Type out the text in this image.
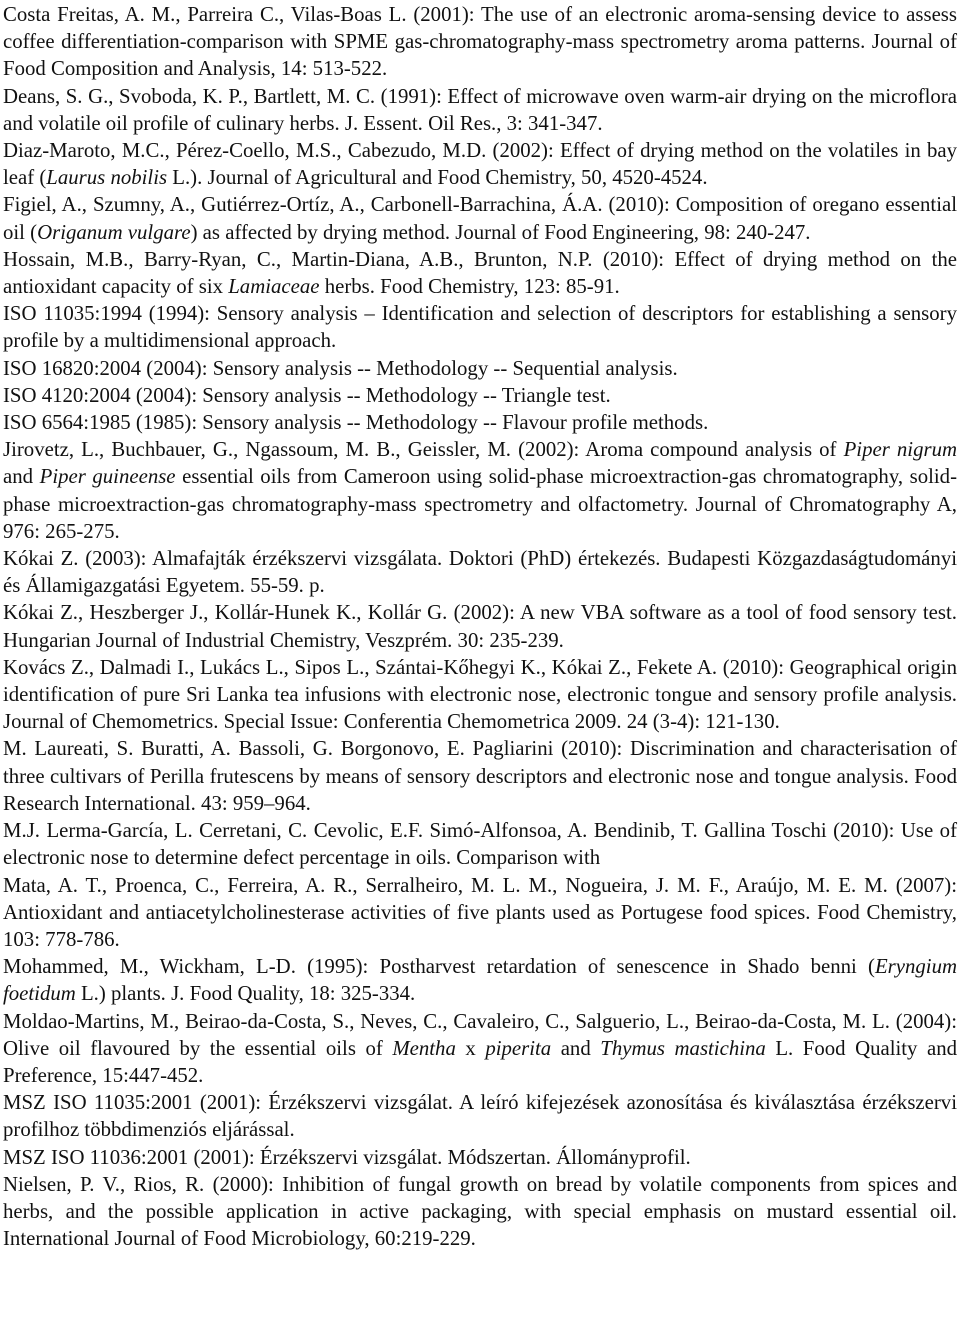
Costa Freitas, A. M., Parreira C., Vilas-Boas L. (2001): The use of an electronic aroma-sensing device to assess coffee differentiation-comparison with SPME gas-chromatography-mass spectrometry aroma patterns. Journal of Food Composition and Analysis, 14: 513-522.

Deans, S. G., Svoboda, K. P., Bartlett, M. C. (1991): Effect of microwave oven warm-air drying on the microflora and volatile oil profile of culinary herbs. J. Essent. Oil Res., 3: 341-347.

Diaz-Maroto, M.C., Pérez-Coello, M.S., Cabezudo, M.D. (2002): Effect of drying method on the volatiles in bay leaf (Laurus nobilis L.). Journal of Agricultural and Food Chemistry, 50, 4520-4524.

Figiel, A., Szumny, A., Gutiérrez-Ortíz, A., Carbonell-Barrachina, Á.A. (2010): Composition of oregano essential oil (Origanum vulgare) as affected by drying method. Journal of Food Engineering, 98: 240-247.

Hossain, M.B., Barry-Ryan, C., Martin-Diana, A.B., Brunton, N.P. (2010): Effect of drying method on the antioxidant capacity of six Lamiaceae herbs. Food Chemistry, 123: 85-91.

ISO 11035:1994 (1994): Sensory analysis – Identification and selection of descriptors for establishing a sensory profile by a multidimensional approach.

ISO 16820:2004 (2004): Sensory analysis -- Methodology -- Sequential analysis.

ISO 4120:2004 (2004): Sensory analysis -- Methodology -- Triangle test.

ISO 6564:1985 (1985): Sensory analysis -- Methodology -- Flavour profile methods.

Jirovetz, L., Buchbauer, G., Ngassoum, M. B., Geissler, M. (2002): Aroma compound analysis of Piper nigrum and Piper guineense essential oils from Cameroon using solid-phase microextraction-gas chromatography, solid-phase microextraction-gas chromatography-mass spectrometry and olfactometry. Journal of Chromatography A, 976: 265-275.

Kókai Z. (2003): Almafajták érzékszervi vizsgálata. Doktori (PhD) értekezés. Budapesti Közgazdaságtudományi és Államigazgatási Egyetem. 55-59. p.

Kókai Z., Heszberger J., Kollár-Hunek K., Kollár G. (2002): A new VBA software as a tool of food sensory test. Hungarian Journal of Industrial Chemistry, Veszprém. 30: 235-239.

Kovács Z., Dalmadi I., Lukács L., Sipos L., Szántai-Kőhegyi K., Kókai Z., Fekete A. (2010): Geographical origin identification of pure Sri Lanka tea infusions with electronic nose, electronic tongue and sensory profile analysis. Journal of Chemometrics. Special Issue: Conferentia Chemometrica 2009. 24 (3-4): 121-130.

M. Laureati, S. Buratti, A. Bassoli, G. Borgonovo, E. Pagliarini (2010): Discrimination and characterisation of three cultivars of Perilla frutescens by means of sensory descriptors and electronic nose and tongue analysis. Food Research International. 43: 959–964.

M.J. Lerma-García, L. Cerretani, C. Cevolic, E.F. Simó-Alfonsoa, A. Bendinib, T. Gallina Toschi (2010): Use of electronic nose to determine defect percentage in oils. Comparison with

Mata, A. T., Proenca, C., Ferreira, A. R., Serralheiro, M. L. M., Nogueira, J. M. F., Araújo, M. E. M. (2007): Antioxidant and antiacetylcholinesterase activities of five plants used as Portugese food spices. Food Chemistry, 103: 778-786.

Mohammed, M., Wickham, L-D. (1995): Postharvest retardation of senescence in Shado benni (Eryngium foetidum L.) plants. J. Food Quality, 18: 325-334.

Moldao-Martins, M., Beirao-da-Costa, S., Neves, C., Cavaleiro, C., Salguerio, L., Beirao-da-Costa, M. L. (2004): Olive oil flavoured by the essential oils of Mentha x piperita and Thymus mastichina L. Food Quality and Preference, 15:447-452.

MSZ ISO 11035:2001 (2001): Érzékszervi vizsgálat. A leíró kifejezések azonosítása és kiválasztása érzékszervi profilhoz többdimenziós eljárással.

MSZ ISO 11036:2001 (2001): Érzékszervi vizsgálat. Módszertan. Állományprofil.

Nielsen, P. V., Rios, R. (2000): Inhibition of fungal growth on bread by volatile components from spices and herbs, and the possible application in active packaging, with special emphasis on mustard essential oil. International Journal of Food Microbiology, 60:219-229.
